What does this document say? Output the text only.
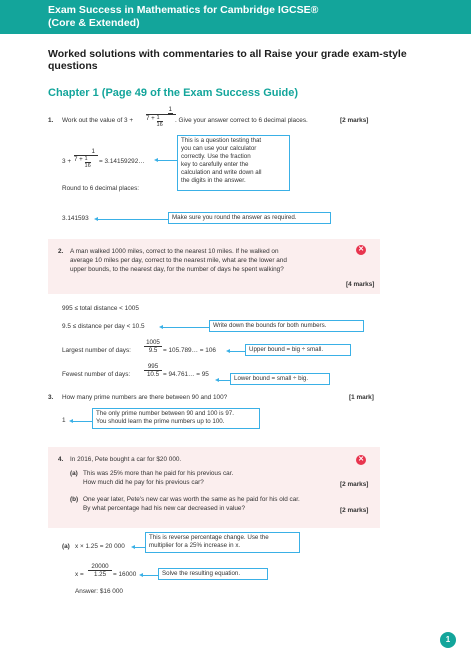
Exam Success in Mathematics for Cambridge IGCSE®
(Core & Extended)
Worked solutions with commentaries to all Raise your grade exam-style questions
Chapter 1 (Page 49 of the Exam Success Guide)
1. Work out the value of $3 + \frac{1}{7 + \frac{1}{16}}$ . Give your answer correct to 6 decimal places.	[2 marks]
$3 + \frac{1}{7 + \frac{1}{16}}$ = 3.14159292…
Round to 6 decimal places:
This is a question testing that
you can use your calculator
correctly. Use the fraction
key to carefully enter the
calculation and write down all
the digits in the answer.
3.141593	Make sure you round the answer as required.
2. A man walked 1000 miles, correct to the nearest 10 miles. If he walked on
average 10 miles per day, correct to the nearest mile, what are the lower and
upper bounds, to the nearest day, for the number of days he spent walking?
[4 marks]
✕
995 ≤ total distance < 1005
9.5 ≤ distance per day < 10.5	Write down the bounds for both numbers.
Largest number of days: $\frac{1005}{9.5}$ = 105.789… = 106	Upper bound = big ÷ small.
Fewest number of days: $\frac{995}{10.5}$ = 94.761… = 95
Lower bound = small ÷ big.
3. How many prime numbers are there between 90 and 100?	[1 mark]
1
The only prime number between 90 and 100 is 97.
You should learn the prime numbers up to 100.
4. In 2016, Pete bought a car for $20 000.	✕
(a) This was 25% more than he paid for his previous car.
How much did he pay for his previous car?	[2 marks]
(b) One year later, Pete's new car was worth the same as he paid for his old car.
By what percentage had his new car decreased in value?	[2 marks]
(a) x × 1.25 = 20 000
This is reverse percentage change. Use the
multiplier for a 25% increase in x.
$x = \frac{20000}{1.25} = 16000$	Solve the resulting equation.
Answer: $16 000
1
